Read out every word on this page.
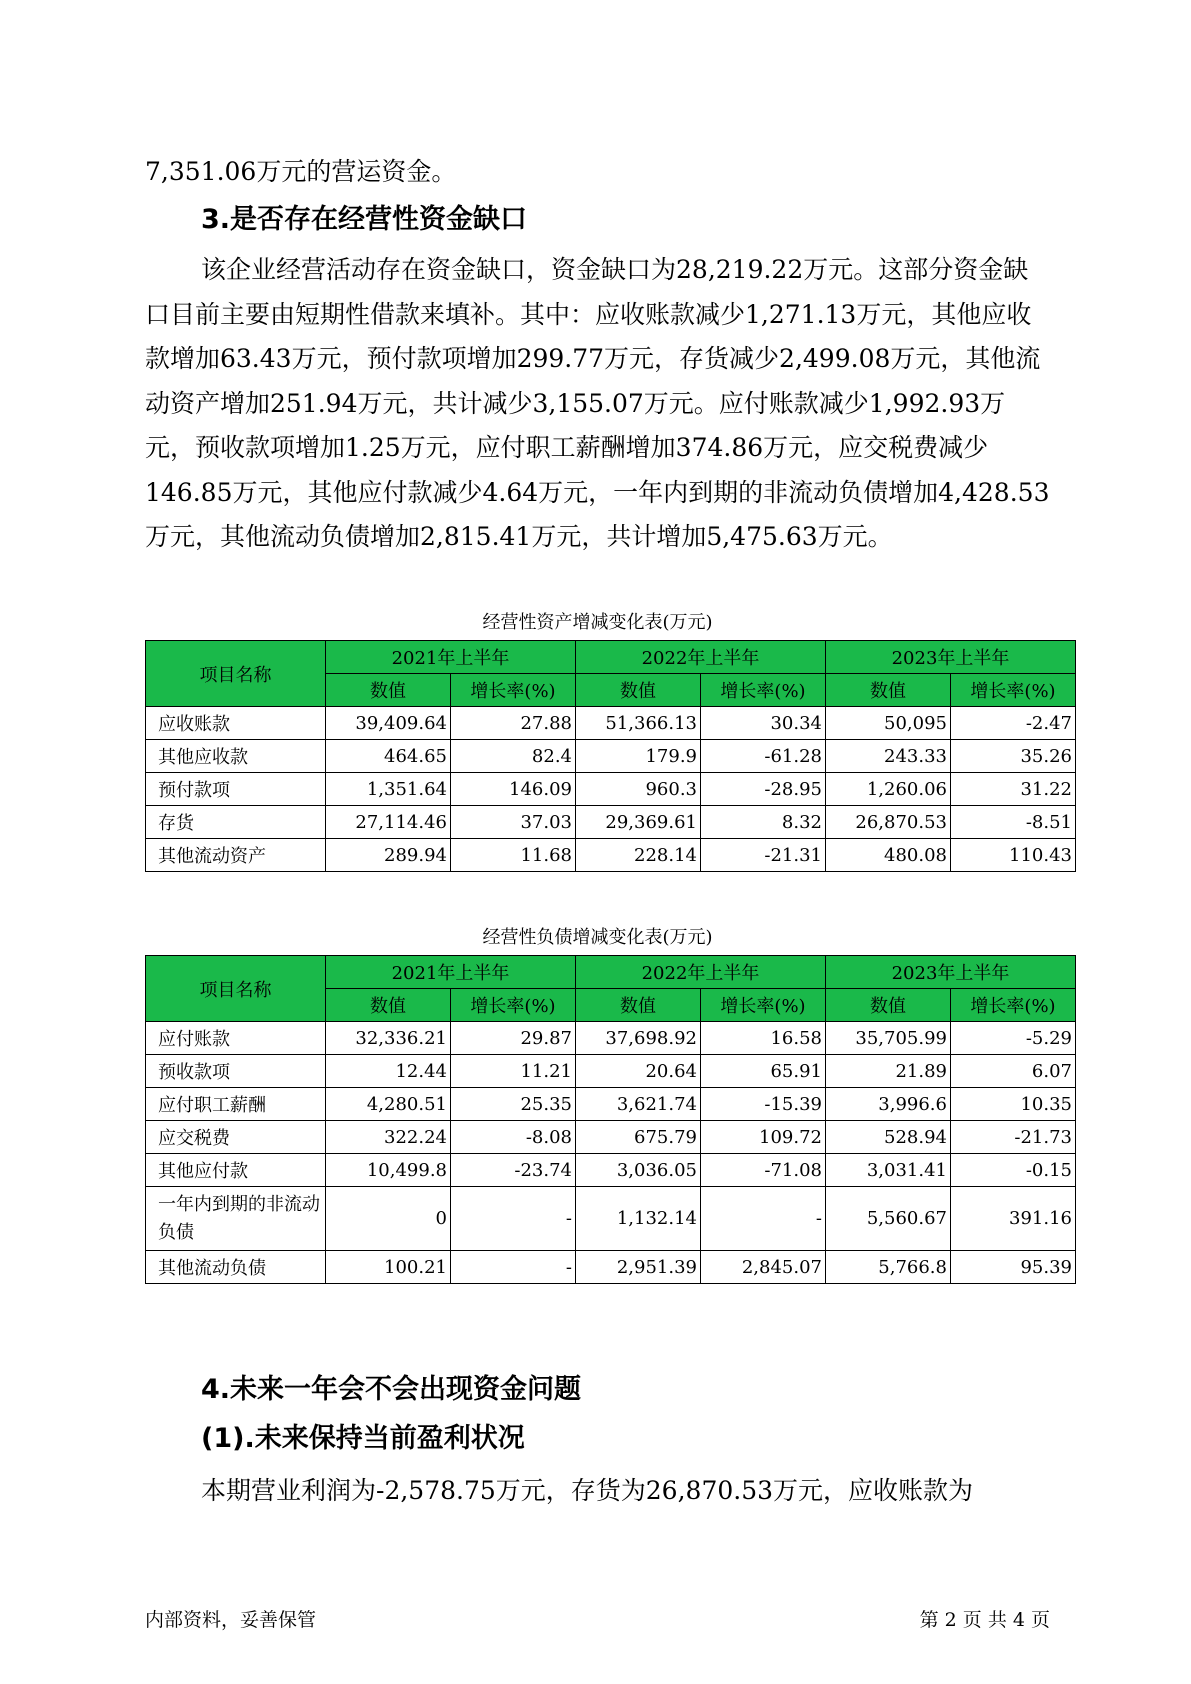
7,351.06万元的营运资金。

3.是否存在经营性资金缺口

该企业经营活动存在资金缺口，资金缺口为28,219.22万元。这部分资金缺口目前主要由短期性借款来填补。其中：应收账款减少1,271.13万元，其他应收款增加63.43万元，预付款项增加299.77万元，存货减少2,499.08万元，其他流动资产增加251.94万元，共计减少3,155.07万元。应付账款减少1,992.93万元，预收款项增加1.25万元，应付职工薪酬增加374.86万元，应交税费减少146.85万元，其他应付款减少4.64万元，一年内到期的非流动负债增加4,428.53万元，其他流动负债增加2,815.41万元，共计增加5,475.63万元。

经营性资产增减变化表(万元)

项目名称	2021年上半年		2022年上半年		2023年上半年	
	数值	增长率(%)	数值	增长率(%)	数值	增长率(%)
应收账款	39,409.64	27.88	51,366.13	30.34	50,095	-2.47
其他应收款	464.65	82.4	179.9	-61.28	243.33	35.26
预付款项	1,351.64	146.09	960.3	-28.95	1,260.06	31.22
存货	27,114.46	37.03	29,369.61	8.32	26,870.53	-8.51
其他流动资产	289.94	11.68	228.14	-21.31	480.08	110.43

经营性负债增减变化表(万元)

项目名称	2021年上半年		2022年上半年		2023年上半年	
	数值	增长率(%)	数值	增长率(%)	数值	增长率(%)
应付账款	32,336.21	29.87	37,698.92	16.58	35,705.99	-5.29
预收款项	12.44	11.21	20.64	65.91	21.89	6.07
应付职工薪酬	4,280.51	25.35	3,621.74	-15.39	3,996.6	10.35
应交税费	322.24	-8.08	675.79	109.72	528.94	-21.73
其他应付款	10,499.8	-23.74	3,036.05	-71.08	3,031.41	-0.15
一年内到期的非流动负债	0	-	1,132.14	-	5,560.67	391.16
其他流动负债	100.21	-	2,951.39	2,845.07	5,766.8	95.39
4.未来一年会不会出现资金问题
(1).未来保持当前盈利状况

本期营业利润为-2,578.75万元，存货为26,870.53万元，应收账款为

内部资料，妥善保管	第 2 页 共 4 页
